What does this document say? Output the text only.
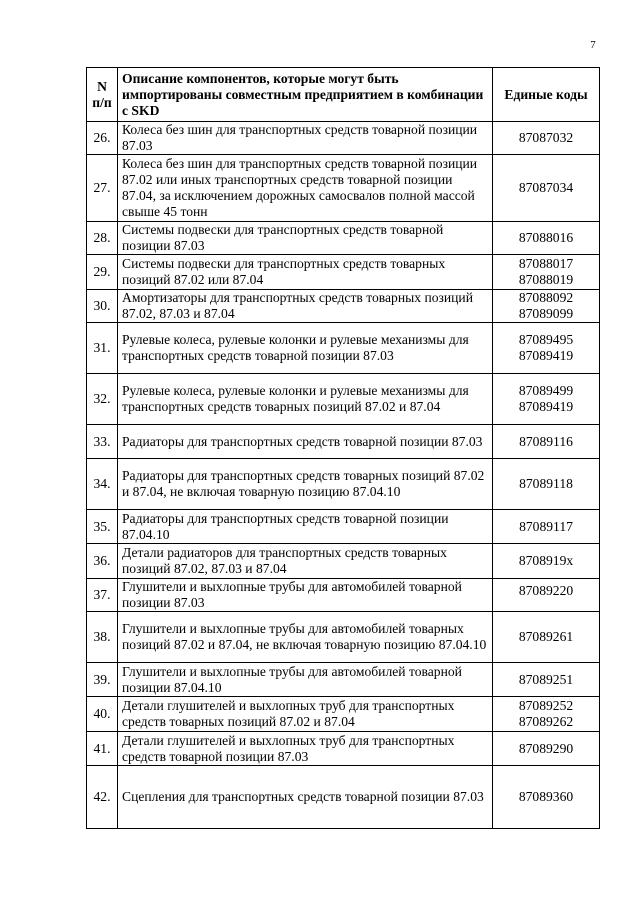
7
N
п/п	Описание компонентов, которые могут быть импортированы совместным предприятием в комбинации с SKD	Единые коды
26.	Колеса без шин для транспортных средств товарной позиции 87.03	87087032

27.	Колеса без шин для транспортных средств товарной позиции 87.02 или иных транспортных средств товарной позиции 87.04, за исключением дорожных самосвалов полной массой свыше 45 тонн	87087034

28.	Системы подвески для транспортных средств товарной позиции 87.03	87088016

29.	Системы подвески для транспортных средств товарных позиций 87.02 или 87.04	87088017
87088019

30.	Амортизаторы для транспортных средств товарных позиций 87.02, 87.03 и 87.04	87088092
87089099

31.	Рулевые колеса, рулевые колонки и рулевые механизмы для транспортных средств товарной позиции 87.03	87089495
87089419

32.	Рулевые колеса, рулевые колонки и рулевые механизмы для транспортных средств товарных позиций 87.02 и 87.04	87089499
87089419

33.	Радиаторы для транспортных средств товарной позиции 87.03	87089116

34.	Радиаторы для транспортных средств товарных позиций 87.02 и 87.04, не включая товарную позицию 87.04.10	87089118

35.	Радиаторы для транспортных средств товарной позиции 87.04.10	87089117

36.	Детали радиаторов для транспортных средств товарных позиций 87.02, 87.03 и 87.04	8708919x

37.	Глушители и выхлопные трубы для автомобилей товарной позиции 87.03	87089220

38.	Глушители и выхлопные трубы для автомобилей товарных позиций 87.02 и 87.04, не включая товарную позицию 87.04.10	87089261

39.	Глушители и выхлопные трубы для автомобилей товарной позиции 87.04.10	87089251

40.	Детали глушителей и выхлопных труб для транспортных средств товарных позиций 87.02 и 87.04	87089252
87089262

41.	Детали глушителей и выхлопных труб для транспортных средств товарной позиции 87.03	87089290

42.	Сцепления для транспортных средств товарной позиции 87.03	87089360
